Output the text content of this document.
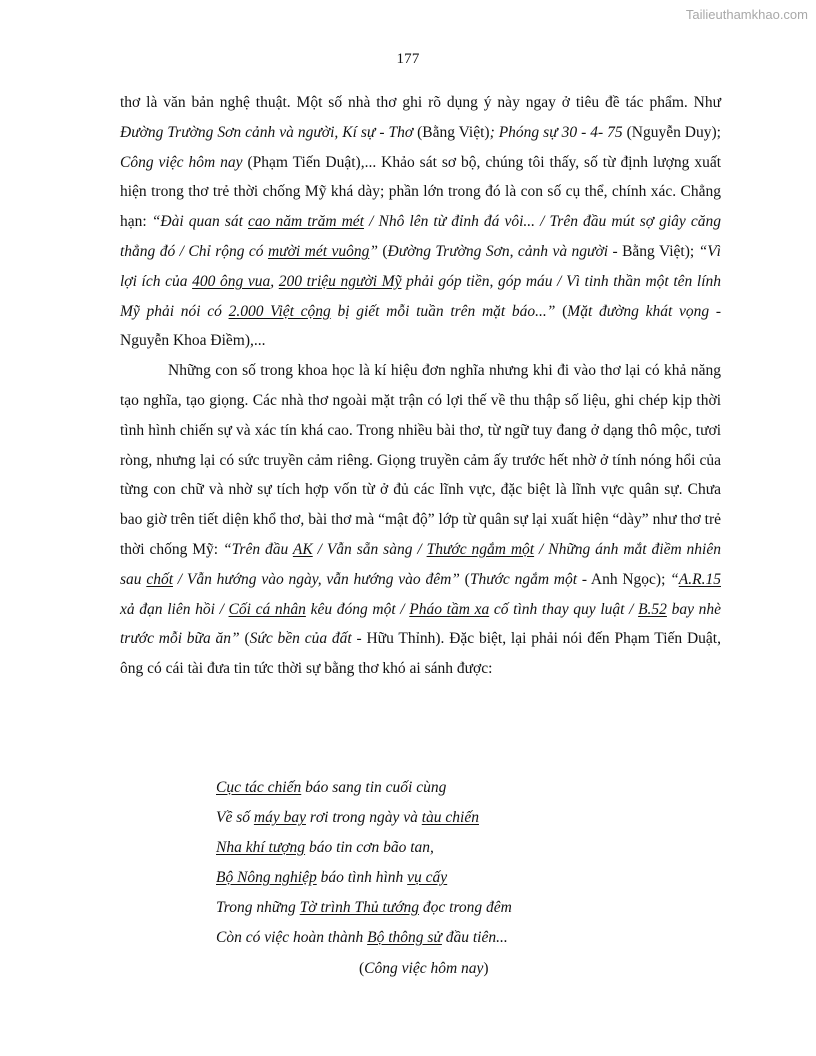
Tailieuthamkhao.com
177

thơ là văn bản nghệ thuật. Một số nhà thơ ghi rõ dụng ý này ngay ở tiêu đề tác phẩm. Như Đường Trường Sơn cảnh và người, Kí sự - Thơ (Bằng Việt); Phóng sự 30 - 4- 75 (Nguyễn Duy); Công việc hôm nay (Phạm Tiến Duật),... Khảo sát sơ bộ, chúng tôi thấy, số từ định lượng xuất hiện trong thơ trẻ thời chống Mỹ khá dày; phần lớn trong đó là con số cụ thể, chính xác. Chẳng hạn: “Đài quan sát cao năm trăm mét / Nhô lên từ đỉnh đá vôi... / Trên đầu mút sợ giây căng thẳng đó / Chỉ rộng có mười mét vuông” (Đường Trường Sơn, cảnh và người - Bằng Việt); “Vì lợi ích của 400 ông vua, 200 triệu người Mỹ phải góp tiền, góp máu / Vì tinh thần một tên lính Mỹ phải nói có 2.000 Việt cộng bị giết mỗi tuần trên mặt báo...” (Mặt đường khát vọng - Nguyễn Khoa Điềm),...

Những con số trong khoa học là kí hiệu đơn nghĩa nhưng khi đi vào thơ lại có khả năng tạo nghĩa, tạo giọng. Các nhà thơ ngoài mặt trận có lợi thế về thu thập số liệu, ghi chép kịp thời tình hình chiến sự và xác tín khá cao. Trong nhiều bài thơ, từ ngữ tuy đang ở dạng thô mộc, tươi ròng, nhưng lại có sức truyền cảm riêng. Giọng truyền cảm ấy trước hết nhờ ở tính nóng hổi của từng con chữ và nhờ sự tích hợp vốn từ ở đủ các lĩnh vực, đặc biệt là lĩnh vực quân sự. Chưa bao giờ trên tiết diện khổ thơ, bài thơ mà “mật độ” lớp từ quân sự lại xuất hiện “dày” như thơ trẻ thời chống Mỹ: “Trên đầu AK / Vẫn sẵn sàng / Thước ngắm một / Những ánh mắt điềm nhiên sau chốt / Vẫn hướng vào ngày, vẫn hướng vào đêm” (Thước ngắm một - Anh Ngọc); “A.R.15 xả đạn liên hồi / Cối cá nhân kêu đóng một / Pháo tầm xa cố tình thay quy luật / B.52 bay nhè trước mỗi bữa ăn” (Sức bền của đất - Hữu Thỉnh). Đặc biệt, lại phải nói đến Phạm Tiến Duật, ông có cái tài đưa tin tức thời sự bằng thơ khó ai sánh được:

Cục tác chiến báo sang tin cuối cùng
Về số máy bay rơi trong ngày và tàu chiến
Nha khí tượng báo tin cơn bão tan,
Bộ Nông nghiệp báo tình hình vụ cấy
Trong những Tờ trình Thủ tướng đọc trong đêm
Còn có việc hoàn thành Bộ thông sử đầu tiên...
(Công việc hôm nay)
